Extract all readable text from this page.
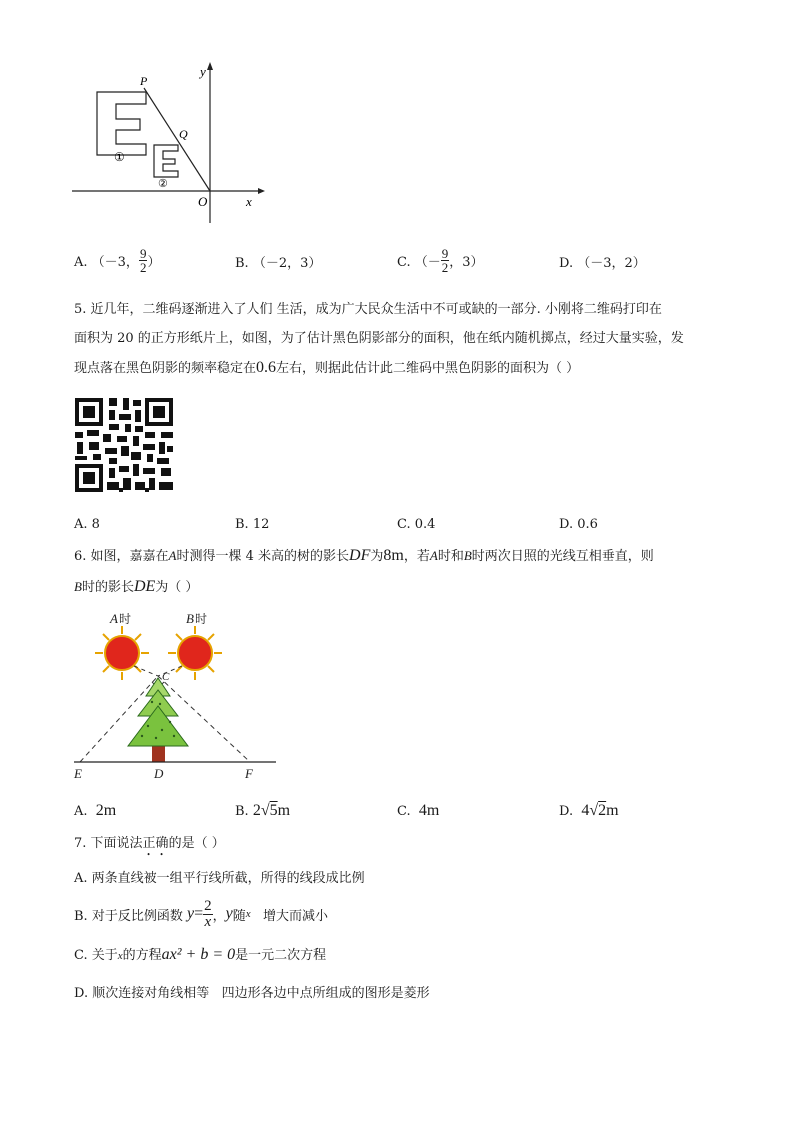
y
x
O
P
Q
①
②
A. （－3， $\frac{9}{2}$ ）	B. （－2，3）	C. （－ $\frac{9}{2}$ ，3）	D. （－3，2）
5. 近几年，二维码逐渐进入了人们 生活，成为广大民众生活中不可或缺的一部分. 小刚将二维码打印在
面积为 20 的正方形纸片上，如图，为了估计黑色阴影部分的面积，他在纸内随机掷点，经过大量实验，发
现点落在黑色阴影的频率稳定在0.6左右，则据此估计此二维码中黑色阴影的面积为（ ）
A. 8	B. 12	C. 0.4	D. 0.6
6. 如图，嘉嘉在A时测得一棵 4 米高的树的影长DF为8m，若A时和B时两次日照的光线互相垂直，则
B时的影长DE为（ ）
A 时	B 时
C
E	D	F
A. 2m	B. 2√5m	C. 4m	D. 4√2m
7. 下面说法正确的是（ ）
A. 两条直线被一组平行线所截，所得的线段成比例
B. 对于反比例函数
$y = \frac{2}{x}$ ， y 随 x 增大而减小
C. 关于x的方程ax² + b = 0是一元二次方程
D. 顺次连接对角线相等   四边形各边中点所组成的图形是菱形
